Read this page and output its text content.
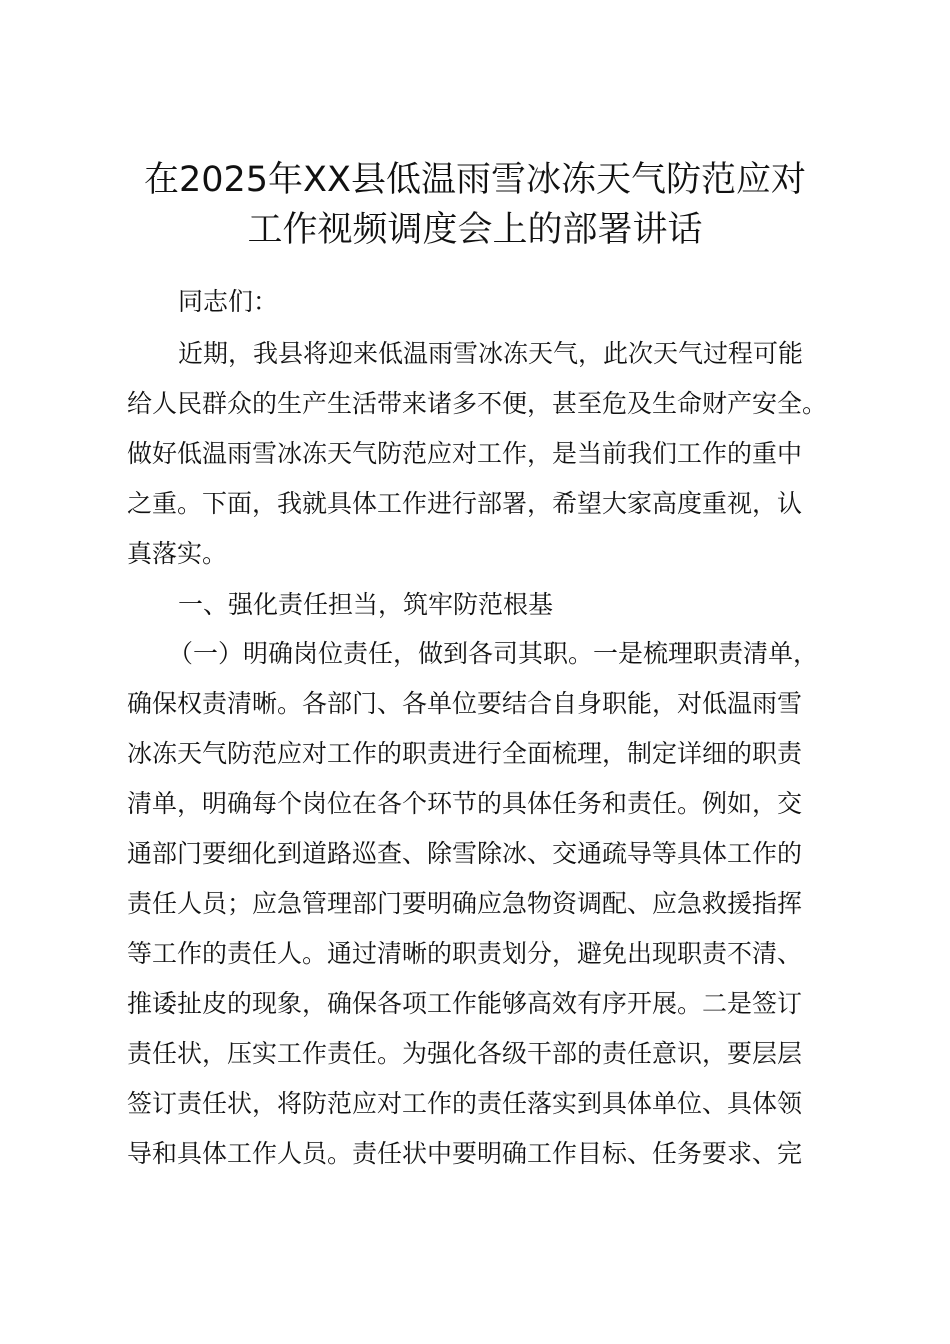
在2025年XX县低温雨雪冰冻天气防范应对
工作视频调度会上的部署讲话
同志们：
近期，我县将迎来低温雨雪冰冻天气，此次天气过程可能
给人民群众的生产生活带来诸多不便，甚至危及生命财产安全。
做好低温雨雪冰冻天气防范应对工作，是当前我们工作的重中
之重。下面，我就具体工作进行部署，希望大家高度重视，认
真落实。
一、强化责任担当，筑牢防范根基
（一）明确岗位责任，做到各司其职。一是梳理职责清单，
确保权责清晰。各部门、各单位要结合自身职能，对低温雨雪
冰冻天气防范应对工作的职责进行全面梳理，制定详细的职责
清单，明确每个岗位在各个环节的具体任务和责任。例如，交
通部门要细化到道路巡查、除雪除冰、交通疏导等具体工作的
责任人员；应急管理部门要明确应急物资调配、应急救援指挥
等工作的责任人。通过清晰的职责划分，避免出现职责不清、
推诿扯皮的现象，确保各项工作能够高效有序开展。二是签订
责任状，压实工作责任。为强化各级干部的责任意识，要层层
签订责任状，将防范应对工作的责任落实到具体单位、具体领
导和具体工作人员。责任状中要明确工作目标、任务要求、完
